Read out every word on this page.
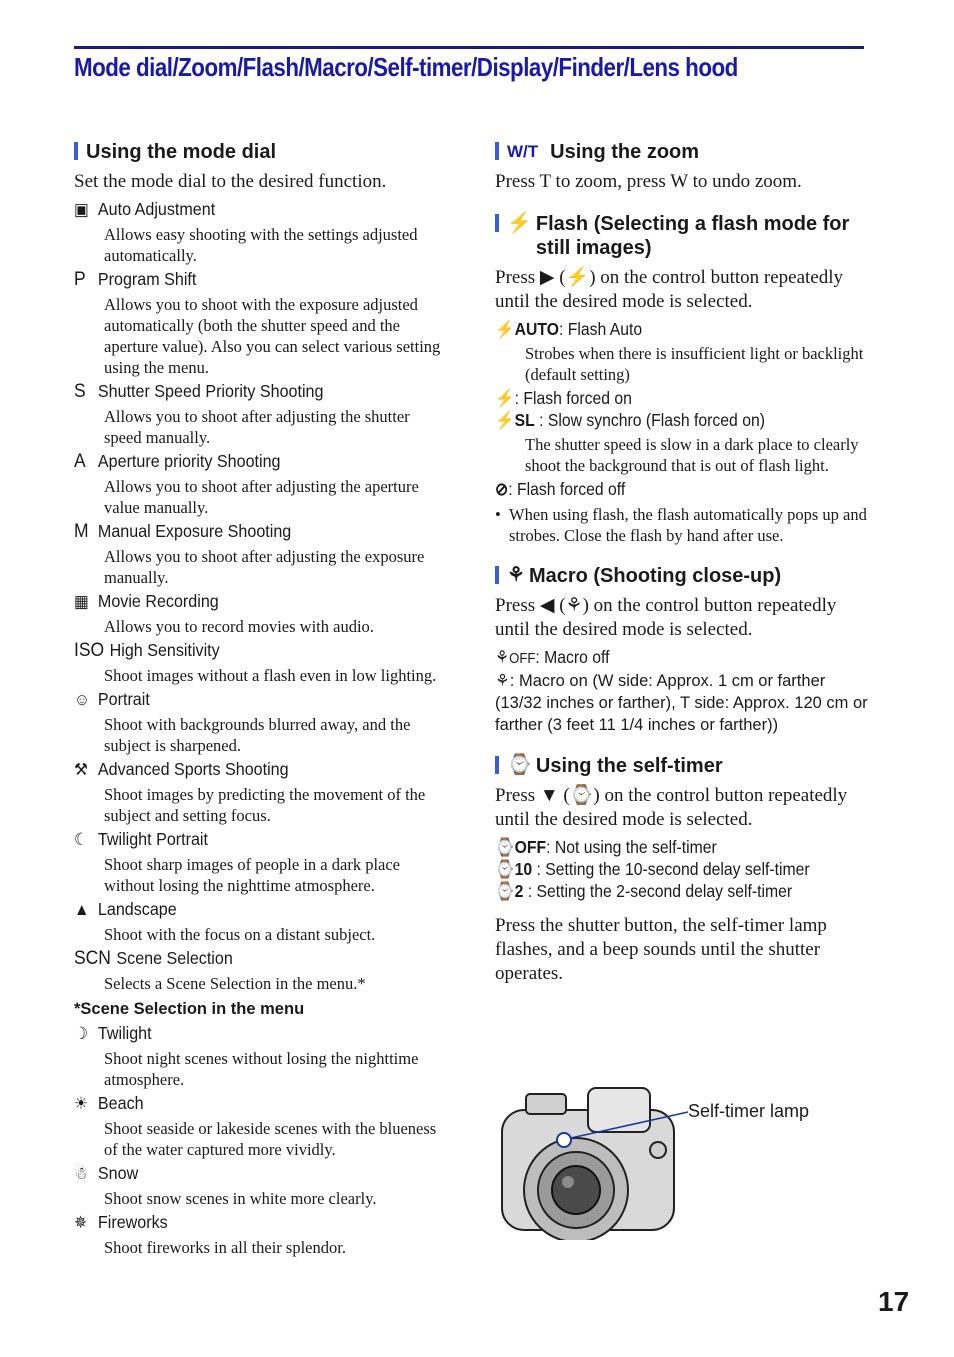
Mode dial/Zoom/Flash/Macro/Self-timer/Display/Finder/Lens hood
Using the mode dial

Set the mode dial to the desired function.

▣ Auto Adjustment
Allows easy shooting with the settings adjusted automatically.
P Program Shift
Allows you to shoot with the exposure adjusted automatically (both the shutter speed and the aperture value). Also you can select various setting using the menu.
S Shutter Speed Priority Shooting
Allows you to shoot after adjusting the shutter speed manually.
A Aperture priority Shooting
Allows you to shoot after adjusting the aperture value manually.
M Manual Exposure Shooting
Allows you to shoot after adjusting the exposure manually.
▦ Movie Recording
Allows you to record movies with audio.
ISO High Sensitivity
Shoot images without a flash even in low lighting.
☺ Portrait
Shoot with backgrounds blurred away, and the subject is sharpened.
⚒ Advanced Sports Shooting
Shoot images by predicting the movement of the subject and setting focus.
☾ Twilight Portrait
Shoot sharp images of people in a dark place without losing the nighttime atmosphere.
▲ Landscape
Shoot with the focus on a distant subject.
SCN Scene Selection
Selects a Scene Selection in the menu.*
*Scene Selection in the menu
☽ Twilight
Shoot night scenes without losing the nighttime atmosphere.
☀ Beach
Shoot seaside or lakeside scenes with the blueness of the water captured more vividly.
☃ Snow
Shoot snow scenes in white more clearly.
✵ Fireworks
Shoot fireworks in all their splendor.
W/T Using the zoom

Press T to zoom, press W to undo zoom.

⚡ Flash (Selecting a flash mode for still images)

Press ▶ (⚡) on the control button repeatedly until the desired mode is selected.

⚡AUTO: Flash Auto
Strobes when there is insufficient light or backlight (default setting)
⚡: Flash forced on
⚡SL : Slow synchro (Flash forced on)
The shutter speed is slow in a dark place to clearly shoot the background that is out of flash light.
⊘: Flash forced off
• When using flash, the flash automatically pops up and strobes. Close the flash by hand after use.
⚘ Macro (Shooting close-up)

Press ◀ (⚘) on the control button repeatedly until the desired mode is selected.

⚘OFF: Macro off
⚘: Macro on (W side: Approx. 1 cm or farther (13/32 inches or farther), T side: Approx. 120 cm or farther (3 feet 11 1/4 inches or farther))
⌚ Using the self-timer

Press ▼ (⌚) on the control button repeatedly until the desired mode is selected.

⌚OFF: Not using the self-timer
⌚10 : Setting the 10-second delay self-timer
⌚2 : Setting the 2-second delay self-timer

Press the shutter button, the self-timer lamp flashes, and a beep sounds until the shutter operates.

Self-timer lamp
17
